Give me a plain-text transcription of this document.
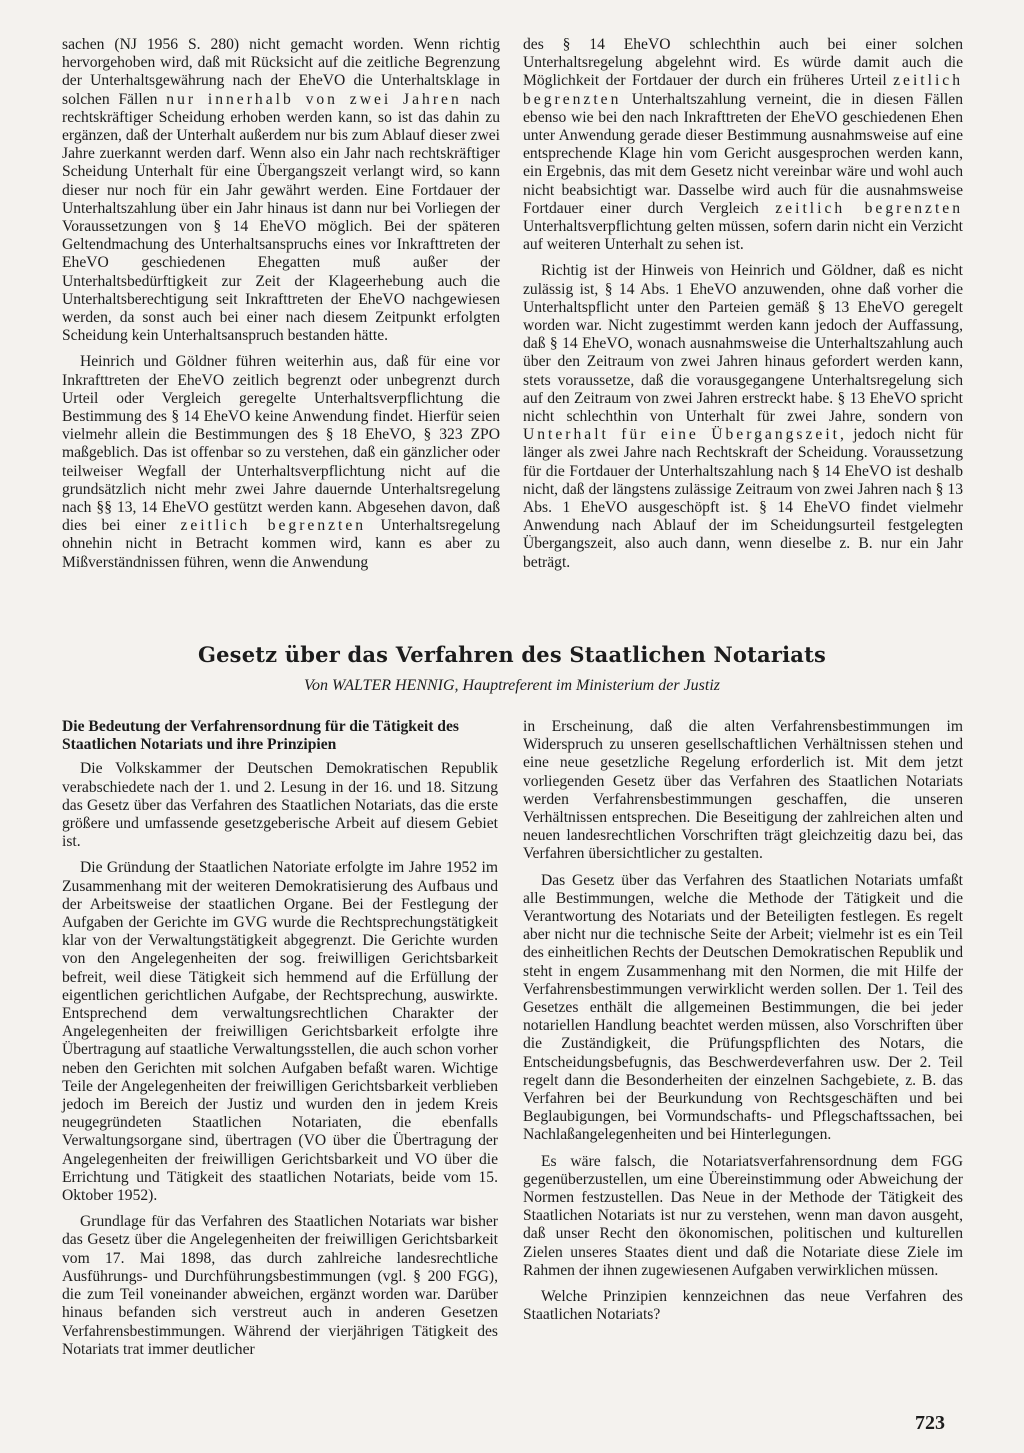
sachen (NJ 1956 S. 280) nicht gemacht worden. Wenn richtig hervorgehoben wird, daß mit Rücksicht auf die zeitliche Begrenzung der Unterhaltsgewährung nach der EheVO die Unterhaltsklage in solchen Fällen nur innerhalb von zwei Jahren nach rechtskräftiger Scheidung erhoben werden kann, so ist das dahin zu ergänzen, daß der Unterhalt außerdem nur bis zum Ablauf dieser zwei Jahre zuerkannt werden darf. Wenn also ein Jahr nach rechtskräftiger Scheidung Unterhalt für eine Übergangszeit verlangt wird, so kann dieser nur noch für ein Jahr gewährt werden. Eine Fortdauer der Unterhaltszahlung über ein Jahr hinaus ist dann nur bei Vorliegen der Voraussetzungen von § 14 EheVO möglich. Bei der späteren Geltendmachung des Unterhaltsanspruchs eines vor Inkrafttreten der EheVO geschiedenen Ehegatten muß außer der Unterhaltsbedürftigkeit zur Zeit der Klageerhebung auch die Unterhaltsberechtigung seit Inkrafttreten der EheVO nachgewiesen werden, da sonst auch bei einer nach diesem Zeitpunkt erfolgten Scheidung kein Unterhaltsanspruch bestanden hätte.

Heinrich und Göldner führen weiterhin aus, daß für eine vor Inkrafttreten der EheVO zeitlich begrenzt oder unbegrenzt durch Urteil oder Vergleich geregelte Unterhaltsverpflichtung die Bestimmung des § 14 EheVO keine Anwendung findet. Hierfür seien vielmehr allein die Bestimmungen des § 18 EheVO, § 323 ZPO maßgeblich. Das ist offenbar so zu verstehen, daß ein gänzlicher oder teilweiser Wegfall der Unterhaltsverpflichtung nicht auf die grundsätzlich nicht mehr zwei Jahre dauernde Unterhaltsregelung nach §§ 13, 14 EheVO gestützt werden kann. Abgesehen davon, daß dies bei einer zeitlich begrenzten Unterhaltsregelung ohnehin nicht in Betracht kommen wird, kann es aber zu Mißverständnissen führen, wenn die Anwendung

des § 14 EheVO schlechthin auch bei einer solchen Unterhaltsregelung abgelehnt wird. Es würde damit auch die Möglichkeit der Fortdauer der durch ein früheres Urteil zeitlich begrenzten Unterhaltszahlung verneint, die in diesen Fällen ebenso wie bei den nach Inkrafttreten der EheVO geschiedenen Ehen unter Anwendung gerade dieser Bestimmung ausnahmsweise auf eine entsprechende Klage hin vom Gericht ausgesprochen werden kann, ein Ergebnis, das mit dem Gesetz nicht vereinbar wäre und wohl auch nicht beabsichtigt war. Dasselbe wird auch für die ausnahmsweise Fortdauer einer durch Vergleich zeitlich begrenzten Unterhaltsverpflichtung gelten müssen, sofern darin nicht ein Verzicht auf weiteren Unterhalt zu sehen ist.

Richtig ist der Hinweis von Heinrich und Göldner, daß es nicht zulässig ist, § 14 Abs. 1 EheVO anzuwenden, ohne daß vorher die Unterhaltspflicht unter den Parteien gemäß § 13 EheVO geregelt worden war. Nicht zugestimmt werden kann jedoch der Auffassung, daß § 14 EheVO, wonach ausnahmsweise die Unterhaltszahlung auch über den Zeitraum von zwei Jahren hinaus gefordert werden kann, stets voraussetze, daß die vorausgegangene Unterhaltsregelung sich auf den Zeitraum von zwei Jahren erstreckt habe. § 13 EheVO spricht nicht schlechthin von Unterhalt für zwei Jahre, sondern von Unterhalt für eine Übergangszeit, jedoch nicht für länger als zwei Jahre nach Rechtskraft der Scheidung. Voraussetzung für die Fortdauer der Unterhaltszahlung nach § 14 EheVO ist deshalb nicht, daß der längstens zulässige Zeitraum von zwei Jahren nach § 13 Abs. 1 EheVO ausgeschöpft ist. § 14 EheVO findet vielmehr Anwendung nach Ablauf der im Scheidungsurteil festgelegten Übergangszeit, also auch dann, wenn dieselbe z. B. nur ein Jahr beträgt.

Gesetz über das Verfahren des Staatlichen Notariats
Von WALTER HENNIG, Hauptreferent im Ministerium der Justiz

Die Bedeutung der Verfahrensordnung für die Tätigkeit des Staatlichen Notariats und ihre Prinzipien

Die Volkskammer der Deutschen Demokratischen Republik verabschiedete nach der 1. und 2. Lesung in der 16. und 18. Sitzung das Gesetz über das Verfahren des Staatlichen Notariats, das die erste größere und umfassende gesetzgeberische Arbeit auf diesem Gebiet ist.

Die Gründung der Staatlichen Natoriate erfolgte im Jahre 1952 im Zusammenhang mit der weiteren Demokratisierung des Aufbaus und der Arbeitsweise der staatlichen Organe. Bei der Festlegung der Aufgaben der Gerichte im GVG wurde die Rechtsprechungstätigkeit klar von der Verwaltungstätigkeit abgegrenzt. Die Gerichte wurden von den Angelegenheiten der sog. freiwilligen Gerichtsbarkeit befreit, weil diese Tätigkeit sich hemmend auf die Erfüllung der eigentlichen gerichtlichen Aufgabe, der Rechtsprechung, auswirkte. Entsprechend dem verwaltungsrechtlichen Charakter der Angelegenheiten der freiwilligen Gerichtsbarkeit erfolgte ihre Übertragung auf staatliche Verwaltungsstellen, die auch schon vorher neben den Gerichten mit solchen Aufgaben befaßt waren. Wichtige Teile der Angelegenheiten der freiwilligen Gerichtsbarkeit verblieben jedoch im Bereich der Justiz und wurden den in jedem Kreis neugegründeten Staatlichen Notariaten, die ebenfalls Verwaltungsorgane sind, übertragen (VO über die Übertragung der Angelegenheiten der freiwilligen Gerichtsbarkeit und VO über die Errichtung und Tätigkeit des staatlichen Notariats, beide vom 15. Oktober 1952).

Grundlage für das Verfahren des Staatlichen Notariats war bisher das Gesetz über die Angelegenheiten der freiwilligen Gerichtsbarkeit vom 17. Mai 1898, das durch zahlreiche landesrechtliche Ausführungs- und Durchführungsbestimmungen (vgl. § 200 FGG), die zum Teil voneinander abweichen, ergänzt worden war. Darüber hinaus befanden sich verstreut auch in anderen Gesetzen Verfahrensbestimmungen. Während der vierjährigen Tätigkeit des Notariats trat immer deutlicher

in Erscheinung, daß die alten Verfahrensbestimmungen im Widerspruch zu unseren gesellschaftlichen Verhältnissen stehen und eine neue gesetzliche Regelung erforderlich ist. Mit dem jetzt vorliegenden Gesetz über das Verfahren des Staatlichen Notariats werden Verfahrensbestimmungen geschaffen, die unseren Verhältnissen entsprechen. Die Beseitigung der zahlreichen alten und neuen landesrechtlichen Vorschriften trägt gleichzeitig dazu bei, das Verfahren übersichtlicher zu gestalten.

Das Gesetz über das Verfahren des Staatlichen Notariats umfaßt alle Bestimmungen, welche die Methode der Tätigkeit und die Verantwortung des Notariats und der Beteiligten festlegen. Es regelt aber nicht nur die technische Seite der Arbeit; vielmehr ist es ein Teil des einheitlichen Rechts der Deutschen Demokratischen Republik und steht in engem Zusammenhang mit den Normen, die mit Hilfe der Verfahrensbestimmungen verwirklicht werden sollen. Der 1. Teil des Gesetzes enthält die allgemeinen Bestimmungen, die bei jeder notariellen Handlung beachtet werden müssen, also Vorschriften über die Zuständigkeit, die Prüfungspflichten des Notars, die Entscheidungsbefugnis, das Beschwerdeverfahren usw. Der 2. Teil regelt dann die Besonderheiten der einzelnen Sachgebiete, z. B. das Verfahren bei der Beurkundung von Rechtsgeschäften und bei Beglaubigungen, bei Vormundschafts- und Pflegschaftssachen, bei Nachlaßangelegenheiten und bei Hinterlegungen.

Es wäre falsch, die Notariatsverfahrensordnung dem FGG gegenüberzustellen, um eine Übereinstimmung oder Abweichung der Normen festzustellen. Das Neue in der Methode der Tätigkeit des Staatlichen Notariats ist nur zu verstehen, wenn man davon ausgeht, daß unser Recht den ökonomischen, politischen und kulturellen Zielen unseres Staates dient und daß die Notariate diese Ziele im Rahmen der ihnen zugewiesenen Aufgaben verwirklichen müssen.

Welche Prinzipien kennzeichnen das neue Verfahren des Staatlichen Notariats?

723
